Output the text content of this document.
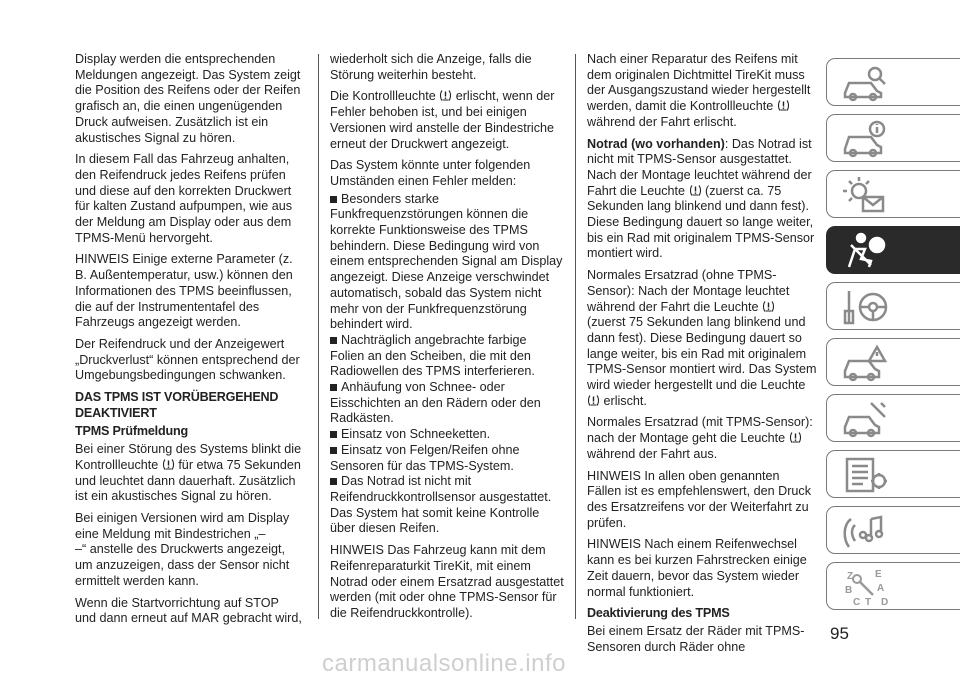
Display werden die entsprechenden Meldungen angezeigt. Das System zeigt die Position des Reifens oder der Reifen grafisch an, die einen ungenügenden Druck aufweisen. Zusätzlich ist ein akustisches Signal zu hören.

In diesem Fall das Fahrzeug anhalten, den Reifendruck jedes Reifens prüfen und diese auf den korrekten Druckwert für kalten Zustand aufpumpen, wie aus der Meldung am Display oder aus dem TPMS-Menü hervorgeht.

HINWEIS Einige externe Parameter (z. B. Außentemperatur, usw.) können den Informationen des TPMS beeinflussen, die auf der Instrumententafel des Fahrzeugs angezeigt werden.

Der Reifendruck und der Anzeigewert „Druckverlust“ können entsprechend der Umgebungsbedingungen schwanken.

DAS TPMS IST VORÜBERGEHEND DEAKTIVIERT
TPMS Prüfmeldung

Bei einer Störung des Systems blinkt die Kontrollleuchte für etwa 75 Sekunden und leuchtet dann dauerhaft. Zusätzlich ist ein akustisches Signal zu hören.

Bei einigen Versionen wird am Display eine Meldung mit Bindestrichen „–
–“ anstelle des Druckwerts angezeigt, um anzuzeigen, dass der Sensor nicht ermittelt werden kann.

Wenn die Startvorrichtung auf STOP und dann erneut auf MAR gebracht wird,

wiederholt sich die Anzeige, falls die Störung weiterhin besteht.

Die Kontrollleuchte erlischt, wenn der Fehler behoben ist, und bei einigen Versionen wird anstelle der Bindestriche erneut der Druckwert angezeigt.

Das System könnte unter folgenden Umständen einen Fehler melden:

Besonders starke Funkfrequenzstörungen können die korrekte Funktionsweise des TPMS behindern. Diese Bedingung wird von einem entsprechenden Signal am Display angezeigt. Diese Anzeige verschwindet automatisch, sobald das System nicht mehr von der Funkfrequenzstörung behindert wird.

Nachträglich angebrachte farbige Folien an den Scheiben, die mit den Radiowellen des TPMS interferieren.

Anhäufung von Schnee- oder Eisschichten an den Rädern oder den Radkästen.

Einsatz von Schneeketten.

Einsatz von Felgen/Reifen ohne Sensoren für das TPMS-System.

Das Notrad ist nicht mit Reifendruckkontrollsensor ausgestattet. Das System hat somit keine Kontrolle über diesen Reifen.

HINWEIS Das Fahrzeug kann mit dem Reifenreparaturkit TireKit, mit einem Notrad oder einem Ersatzrad ausgestattet werden (mit oder ohne TPMS-Sensor für die Reifendruckkontrolle).

Nach einer Reparatur des Reifens mit dem originalen Dichtmittel TireKit muss der Ausgangszustand wieder hergestellt werden, damit die Kontrollleuchte  während der Fahrt erlischt.

Notrad (wo vorhanden): Das Notrad ist nicht mit TPMS-Sensor ausgestattet. Nach der Montage leuchtet während der Fahrt die Leuchte (zuerst ca. 75 Sekunden lang blinkend und dann fest). Diese Bedingung dauert so lange weiter, bis ein Rad mit originalem TPMS-Sensor montiert wird.

Normales Ersatzrad (ohne TPMS-Sensor): Nach der Montage leuchtet während der Fahrt die Leuchte  (zuerst 75 Sekunden lang blinkend und dann fest). Diese Bedingung dauert so lange weiter, bis ein Rad mit originalem TPMS-Sensor montiert wird. Das System wird wieder hergestellt und die Leuchte  erlischt.

Normales Ersatzrad (mit TPMS-Sensor): nach der Montage geht die Leuchte  während der Fahrt aus.

HINWEIS In allen oben genannten Fällen ist es empfehlenswert, den Druck des Ersatzreifens vor der Weiterfahrt zu prüfen.

HINWEIS Nach einem Reifenwechsel kann es bei kurzen Fahrstrecken einige Zeit dauern, bevor das System wieder normal funktioniert.

Deaktivierung des TPMS

Bei einem Ersatz der Räder mit TPMS-Sensoren durch Räder ohne

Z E
B A
C T D
95
carmanualsonline.info
